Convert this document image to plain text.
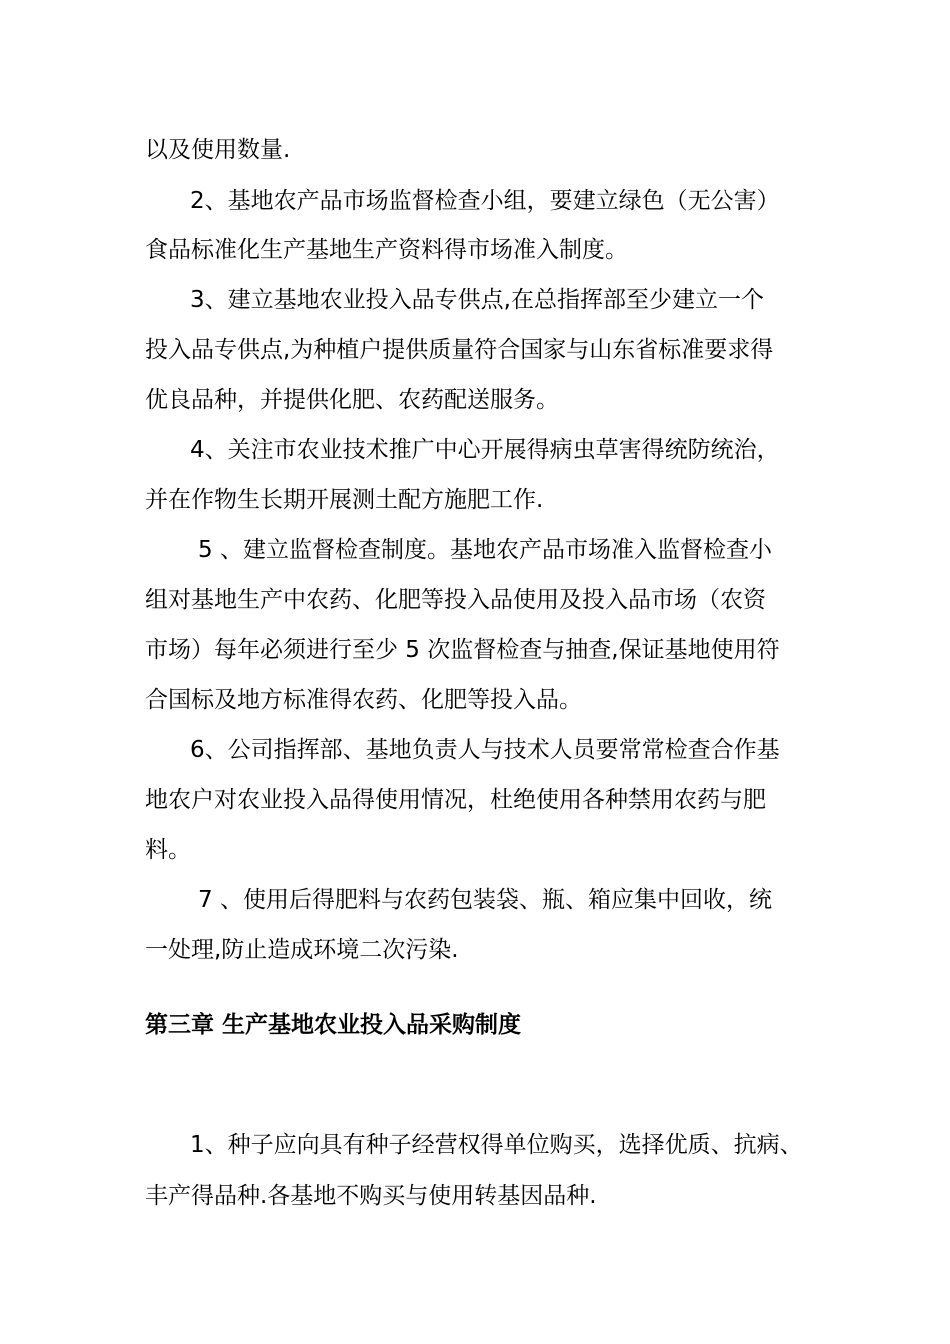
以及使用数量.
2、基地农产品市场监督检查小组，要建立绿色（无公害）
食品标准化生产基地生产资料得市场准入制度。
3、建立基地农业投入品专供点,在总指挥部至少建立一个
投入品专供点,为种植户提供质量符合国家与山东省标准要求得
优良品种，并提供化肥、农药配送服务。
4、关注市农业技术推广中心开展得病虫草害得统防统治，
并在作物生长期开展测土配方施肥工作.
5 、建立监督检查制度。基地农产品市场准入监督检查小
组对基地生产中农药、化肥等投入品使用及投入品市场（农资
市场）每年必须进行至少 5 次监督检查与抽查,保证基地使用符
合国标及地方标准得农药、化肥等投入品。
6、公司指挥部、基地负责人与技术人员要常常检查合作基
地农户对农业投入品得使用情况，杜绝使用各种禁用农药与肥
料。
7 、使用后得肥料与农药包装袋、瓶、箱应集中回收，统
一处理,防止造成环境二次污染.
第三章 生产基地农业投入品采购制度
1、种子应向具有种子经营权得单位购买，选择优质、抗病、
丰产得品种.各基地不购买与使用转基因品种.
